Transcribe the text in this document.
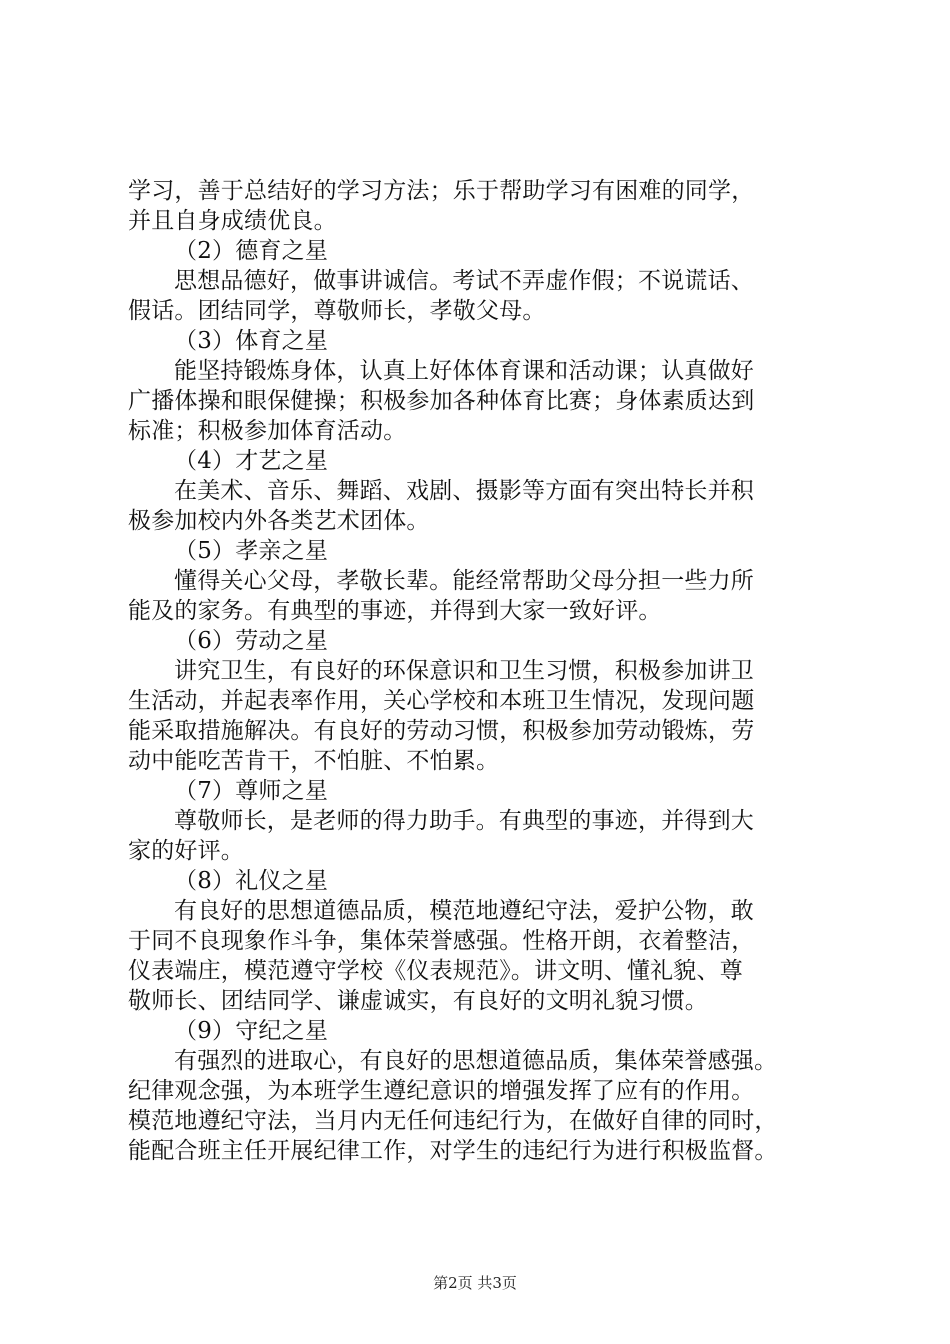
学习，善于总结好的学习方法；乐于帮助学习有困难的同学，
并且自身成绩优良。
（2）德育之星
思想品德好，做事讲诚信。考试不弄虚作假；不说谎话、
假话。团结同学，尊敬师长，孝敬父母。
（3）体育之星
能坚持锻炼身体，认真上好体体育课和活动课；认真做好
广播体操和眼保健操；积极参加各种体育比赛；身体素质达到
标准；积极参加体育活动。
（4）才艺之星
在美术、音乐、舞蹈、戏剧、摄影等方面有突出特长并积
极参加校内外各类艺术团体。
（5）孝亲之星
懂得关心父母，孝敬长辈。能经常帮助父母分担一些力所
能及的家务。有典型的事迹，并得到大家一致好评。
（6）劳动之星
讲究卫生，有良好的环保意识和卫生习惯，积极参加讲卫
生活动，并起表率作用，关心学校和本班卫生情况，发现问题
能采取措施解决。有良好的劳动习惯，积极参加劳动锻炼，劳
动中能吃苦肯干，不怕脏、不怕累。
（7）尊师之星
尊敬师长，是老师的得力助手。有典型的事迹，并得到大
家的好评。
（8）礼仪之星
有良好的思想道德品质，模范地遵纪守法，爱护公物，敢
于同不良现象作斗争，集体荣誉感强。性格开朗，衣着整洁，
仪表端庄，模范遵守学校《仪表规范》。讲文明、懂礼貌、尊
敬师长、团结同学、谦虚诚实，有良好的文明礼貌习惯。
（9）守纪之星
有强烈的进取心，有良好的思想道德品质，集体荣誉感强。
纪律观念强，为本班学生遵纪意识的增强发挥了应有的作用。
模范地遵纪守法，当月内无任何违纪行为，在做好自律的同时，
能配合班主任开展纪律工作，对学生的违纪行为进行积极监督。
第2页 共3页
